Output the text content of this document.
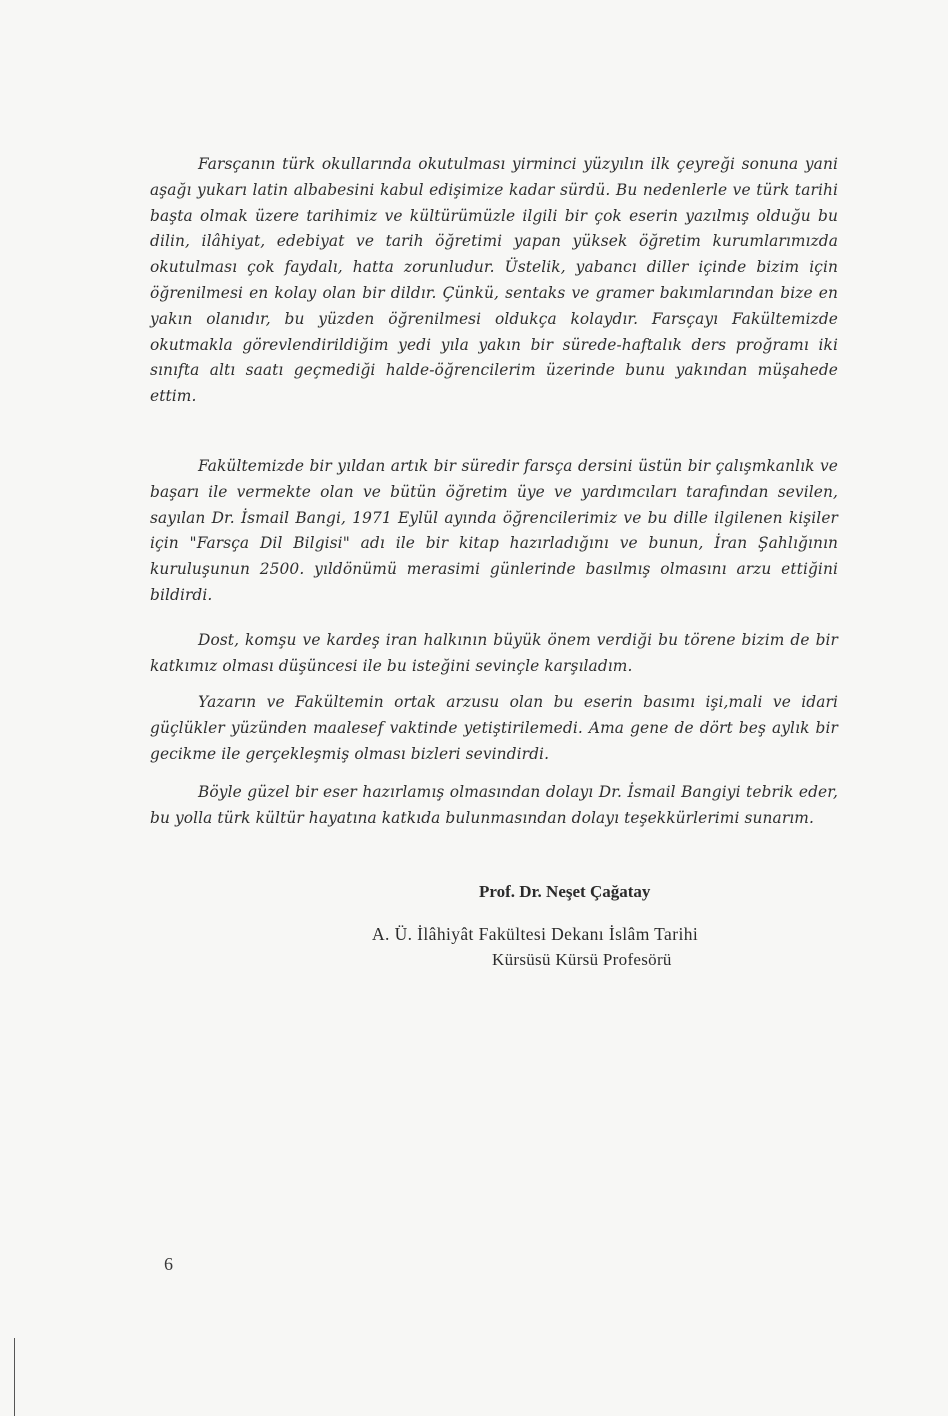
Farsçanın türk okullarında okutulması yirminci yüzyılın ilk çeyreği sonuna yani aşağı yukarı latin albabesini kabul edişimize kadar sürdü. Bu nedenlerle ve türk tarihi başta olmak üzere tarihimiz ve kültürümüzle ilgili bir çok eserin yazılmış olduğu bu dilin, ilâhiyat, edebiyat ve tarih öğretimi yapan yüksek öğretim kurumlarımızda okutulması çok faydalı, hatta zorunludur. Üstelik, yabancı diller içinde bizim için öğrenilmesi en kolay olan bir dildır. Çünkü, sentaks ve gramer bakımlarından bize en yakın olanıdır, bu yüzden öğrenilmesi oldukça kolaydır. Farsçayı Fakültemizde okutmakla görevlendirildiğim yedi yıla yakın bir sürede-haftalık ders proğramı iki sınıfta altı saatı geçmediği halde-öğrencilerim üzerinde bunu yakından müşahede ettim.

Fakültemizde bir yıldan artık bir süredir farsça dersini üstün bir çalışmkanlık ve başarı ile vermekte olan ve bütün öğretim üye ve yardımcıları tarafından sevilen, sayılan Dr. İsmail Bangi, 1971 Eylül ayında öğrencilerimiz ve bu dille ilgilenen kişiler için "Farsça Dil Bilgisi" adı ile bir kitap hazırladığını ve bunun, İran Şahlığının kuruluşunun 2500. yıldönümü merasimi günlerinde basılmış olmasını arzu ettiğini bildirdi.

Dost, komşu ve kardeş iran halkının büyük önem verdiği bu törene bizim de bir katkımız olması düşüncesi ile bu isteğini sevinçle karşıladım.

Yazarın ve Fakültemin ortak arzusu olan bu eserin basımı işi,mali ve idari güçlükler yüzünden maalesef vaktinde yetiştirilemedi. Ama gene de dört beş aylık bir gecikme ile gerçekleşmiş olması bizleri sevindirdi.

Böyle güzel bir eser hazırlamış olmasından dolayı Dr. İsmail Bangiyi tebrik eder, bu yolla türk kültür hayatına katkıda bulunmasından dolayı teşekkürlerimi sunarım.

Prof. Dr. Neşet Çağatay
A. Ü. İlâhiyât Fakültesi Dekanı İslâm Tarihi
Kürsüsü Kürsü Profesörü
6
